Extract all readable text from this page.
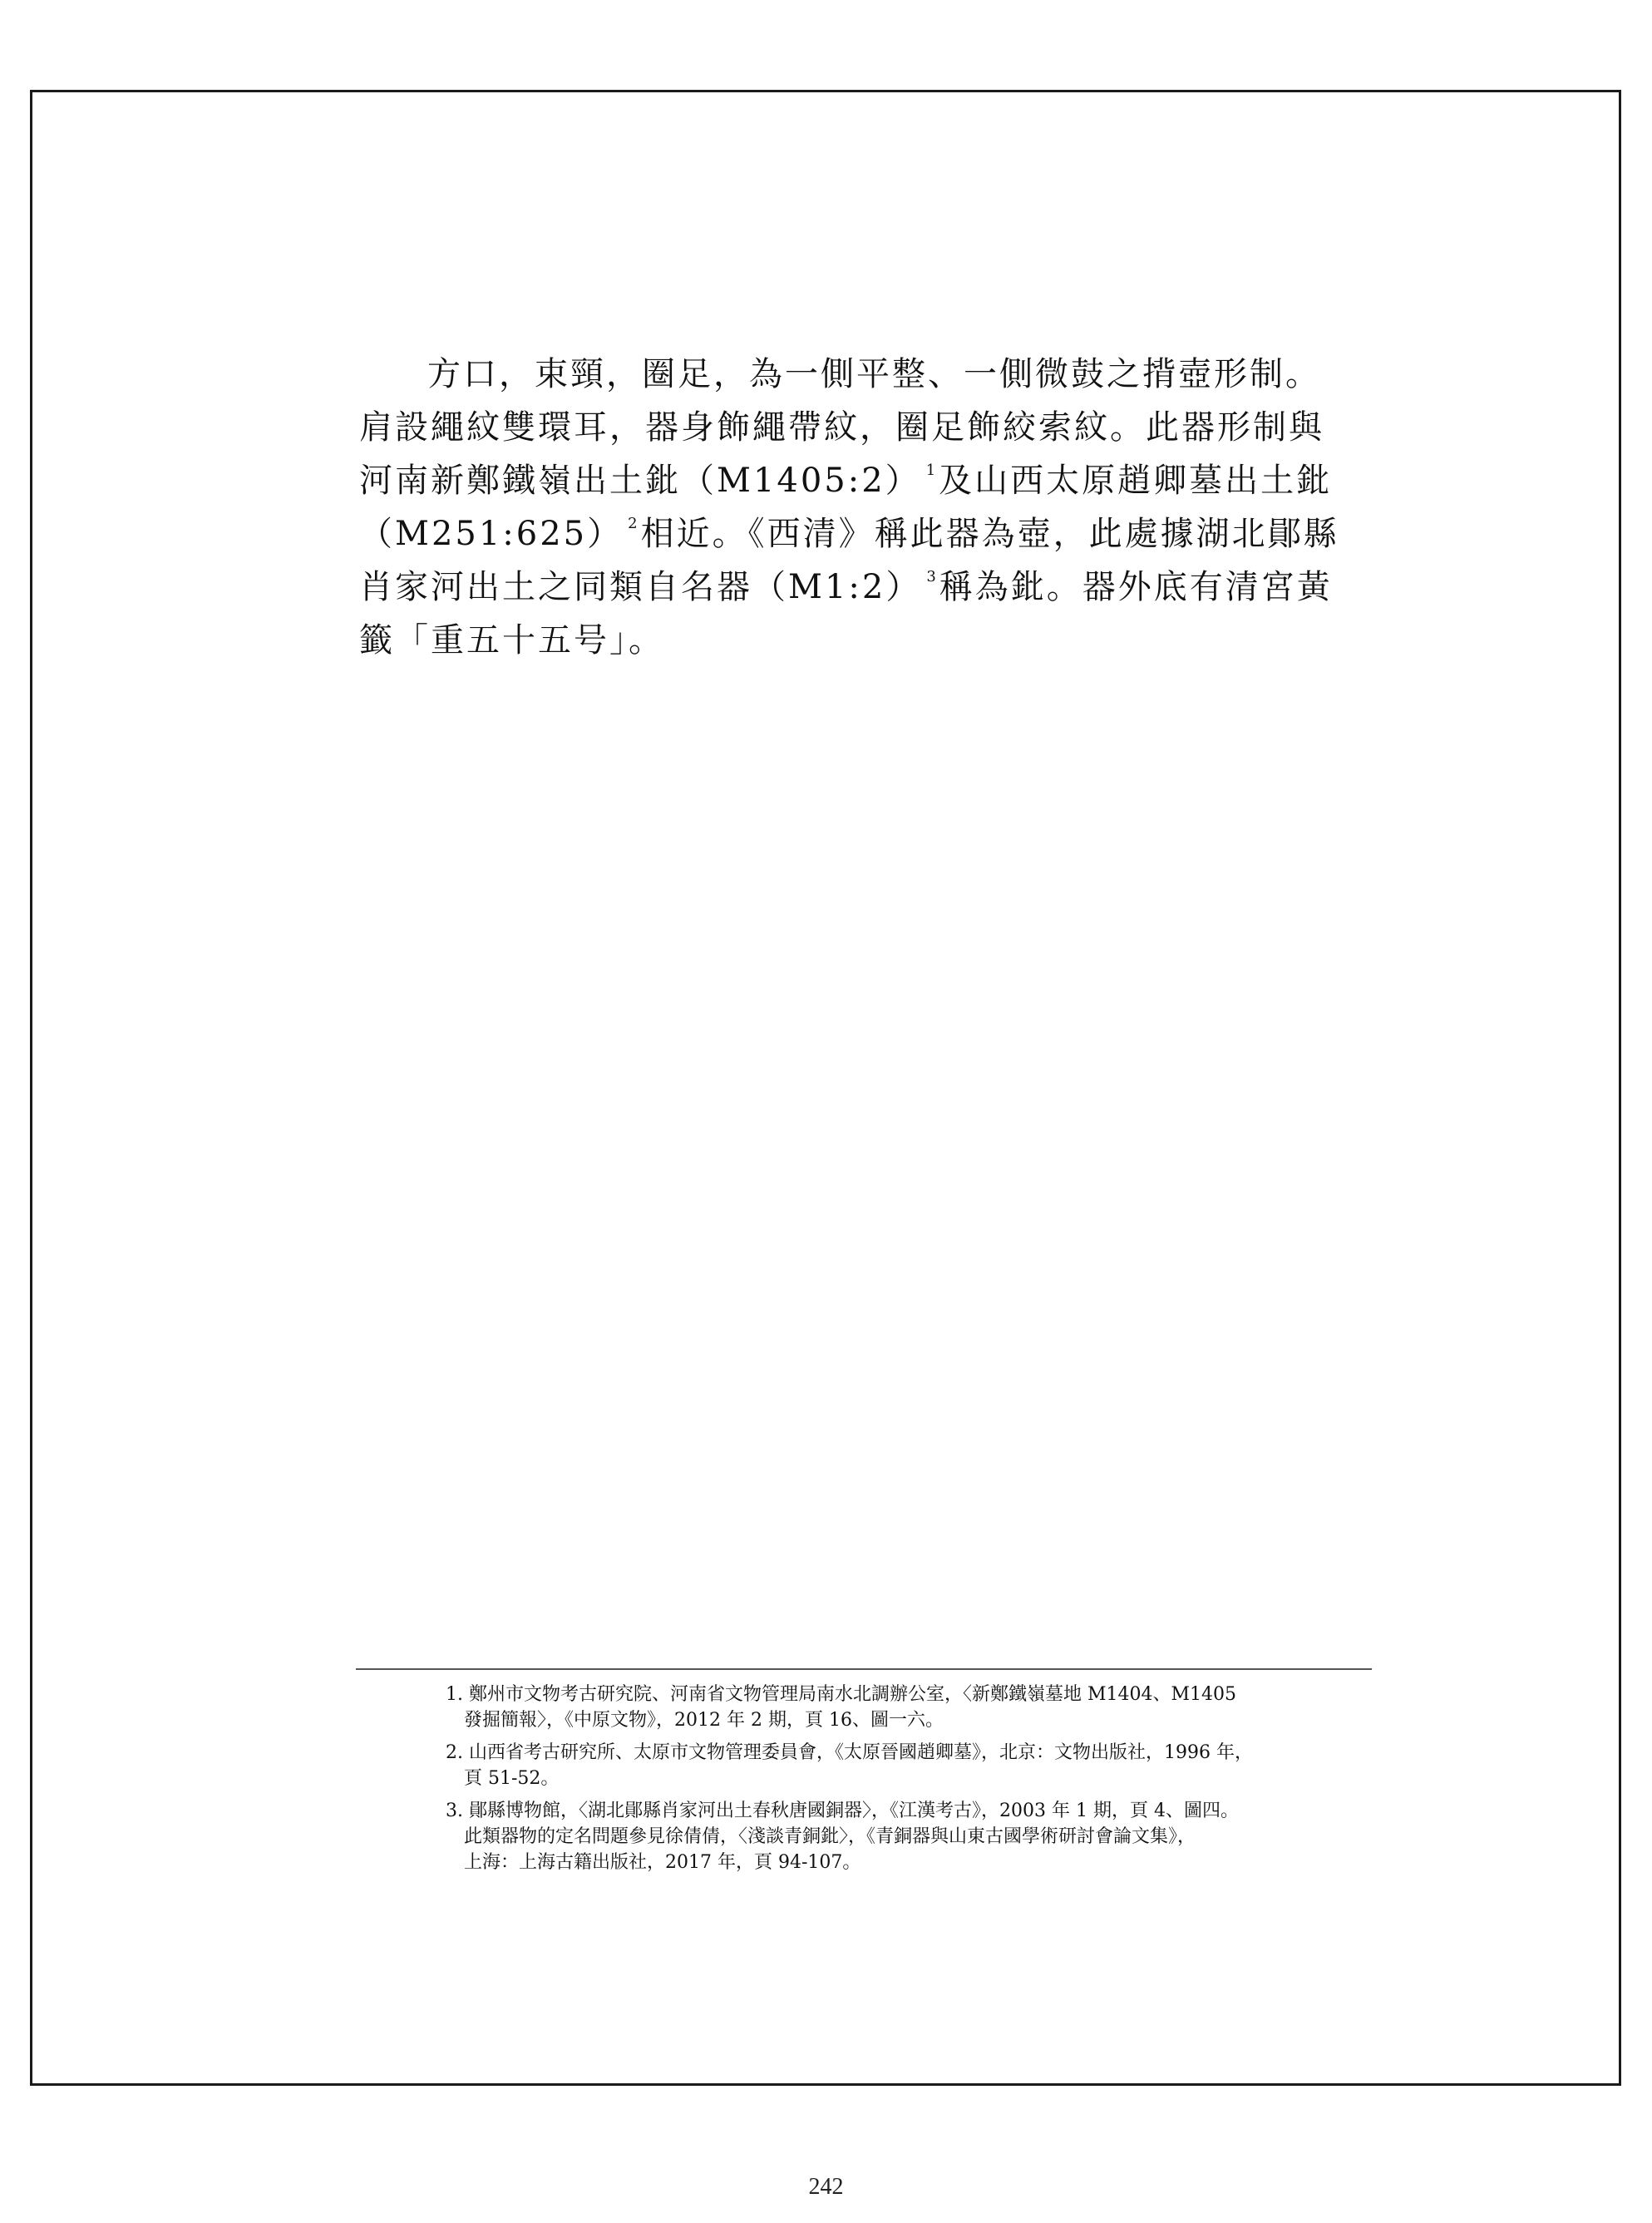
方口，束頸，圈足，為一側平整、一側微鼓之揹壺形制。
肩設繩紋雙環耳，器身飾繩帶紋，圈足飾絞索紋。此器形制與
河南新鄭鐵嶺出土鈚（M1405:2） $^1$ 及山西太原趙卿墓出土鈚
（M251:625） $^2$ 相近。《西清》稱此器為壺，此處據湖北鄖縣
肖家河出土之同類自名器（M1:2） $^3$ 稱為鈚。器外底有清宮黃
籤「重五十五号」。
1. 鄭州市文物考古研究院、河南省文物管理局南水北調辦公室，〈新鄭鐵嶺墓地 M1404、M1405
發掘簡報〉，《中原文物》，2012 年 2 期，頁 16、圖一六。
2. 山西省考古研究所、太原市文物管理委員會，《太原晉國趙卿墓》，北京：文物出版社，1996 年，
頁 51-52。
3. 鄖縣博物館，〈湖北鄖縣肖家河出土春秋唐國銅器〉，《江漢考古》，2003 年 1 期，頁 4、圖四。
此類器物的定名問題參見徐倩倩，〈淺談青銅鈚〉，《青銅器與山東古國學術研討會論文集》，
上海：上海古籍出版社，2017 年，頁 94-107。
242
